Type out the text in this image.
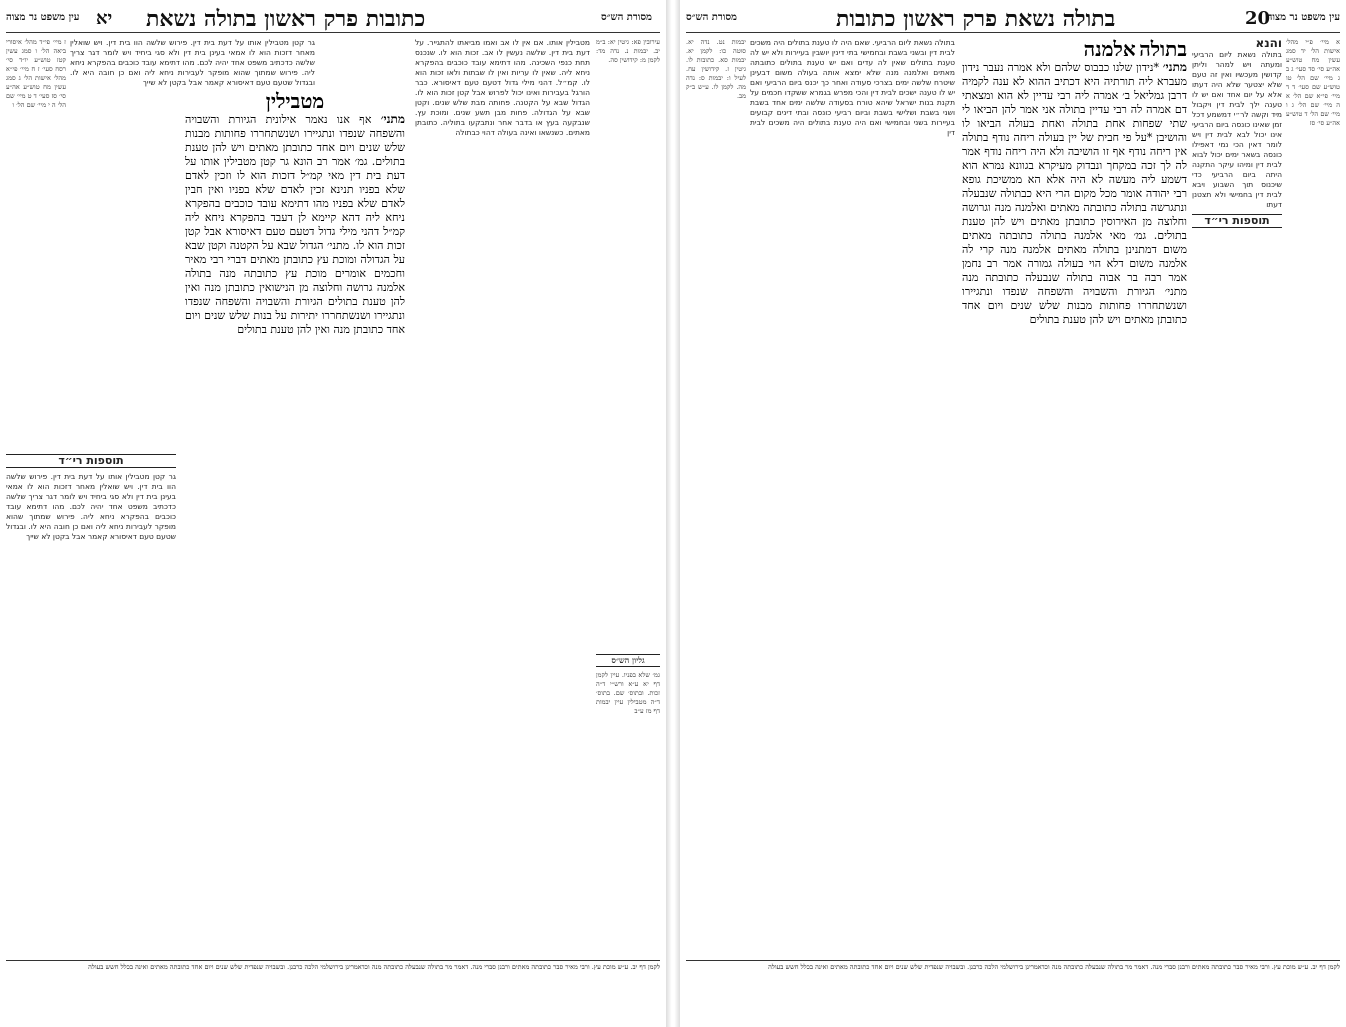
עין משפט נר מצוה	כתובות פרק ראשון בתולה נשאת
יא	מסורת הש״ס
ז מיי׳ פי״ד מהל׳ איסורי ביאה הל׳ ו סמג עשין קטז טוש״ע יו״ד סי׳ רסח סעי׳ ז ח מיי׳ פי״א מהל׳ אישות הל׳ ג סמג עשין מח טוש״ע אה״ע סי׳ סז סעי׳ ד ט מיי׳ שם הל׳ ה י מיי׳ שם הל׳ ו
תוספות רי״ד
גר קטן מטבילין אותו על דעת בית דין. פירוש שלשה הוו בית דין. ויש שואלין מאחר דזכות הוא לו אמאי בעינן בית דין ולא סגי ביחיד ויש לומר דגר צריך שלשה כדכתיב משפט אחד יהיה לכם. מהו דתימא עובד כוכבים בהפקרא ניחא ליה. פירוש שמתוך שהוא מופקר לעבירות ניחא ליה ואם כן חובה היא לו. ובגדול שטעם טעם דאיסורא קאמר אבל בקטן לא שייך
גר קטן מטבילין אותו על דעת בית דין. פירוש שלשה הוו בית דין. ויש שואלין מאחר דזכות הוא לו אמאי בעינן בית דין ולא סגי ביחיד ויש לומר דגר צריך שלשה כדכתיב משפט אחד יהיה לכם. מהו דתימא עובד כוכבים בהפקרא ניחא ליה. פירוש שמתוך שהוא מופקר לעבירות ניחא ליה ואם כן חובה היא לו. ובגדול שטעם טעם דאיסורא קאמר אבל בקטן לא שייך
מטבילין
מתני׳ אף אנו נאמר אילונית הגיורת והשבויה והשפחה שנפדו ונתגיירו ושנשתחררו פחותות מבנות שלש שנים ויום אחד כתובתן מאתים ויש להן טענת בתולים. גמ׳ אמר רב הונא גר קטן מטבילין אותו על דעת בית דין מאי קמ״ל דזכות הוא לו וזכין לאדם שלא בפניו תנינא זכין לאדם שלא בפניו ואין חבין לאדם שלא בפניו מהו דתימא עובד כוכבים בהפקרא ניחא ליה דהא קיימא לן דעבד בהפקרא ניחא ליה קמ״ל דהני מילי גדול דטעם טעם דאיסורא אבל קטן זכות הוא לו. מתני׳ הגדול שבא על הקטנה וקטן שבא על הגדולה ומוכת עץ כתובתן מאתים דברי רבי מאיר וחכמים אומרים מוכת עץ כתובתה מנה בתולה אלמנה גרושה וחלוצה מן הנישואין כתובתן מנה ואין להן טענת בתולים הגיורת והשבויה והשפחה שנפדו ונתגיירו ושנשתחררו יתירות על בנות שלש שנים ויום אחד כתובתן מנה ואין להן טענת בתולים
מטבילין אותו. אם אין לו אב ואמו מביאתו להתגייר. על דעת בית דין. שלשה נעשין לו אב. זכות הוא לו. שנכנס תחת כנפי השכינה. מהו דתימא עובד כוכבים בהפקרא ניחא ליה. שאין לו עריות ואין לו שבתות ולאו זכות הוא לו. קמ״ל. דהני מילי גדול דטעם טעם דאיסורא. כבר הורגל בעבירות ואינו יכול לפרוש אבל קטן זכות הוא לו. הגדול שבא על הקטנה. פחותה מבת שלש שנים. וקטן שבא על הגדולה. פחות מבן תשע שנים. ומוכת עץ. שנבקעה בעץ או בדבר אחר ונתבקעו בתוליה. כתובתן מאתים. כשנשאו ואינה בעולה דהוי כבתולה
עירובין פא: גיטין יא: ב״מ יב. יבמות נ. נדה מד: לקמן מ: קידושין סה.
גליון הש״ס
גמ׳ שלא בפניו. עיין לקמן דף יא ע״א ורש״י ד״ה זכות. ובתוס׳ שם. בתוס׳ ד״ה מטבילין עיין יבמות דף מז ע״ב
לקמן דף יב. ע״ש מוכת עץ. ורבי מאיר סבר כתובתה מאתים ורבנן סברי מנה. דאמר מר בתולה שנבעלה כתובתה מנה וכדאמרינן בירושלמי הלכה כרבנן. ובשבויה שנפדית שלש שנים ויום אחד כתובתה מאתים ואינה בכלל חשש בעולה
מסורת הש״ס	בתולה נשאת פרק ראשון כתובות	20
עין משפט נר מצוה
יבמות נט. נדה יא. סוטה כו: לקמן יא. יבמות סא. כתובות לו. גיטין ז. קידושין עח. לעיל ו: יבמות ס: נדה מה. לקמן לו. ע״ש ב״ק מב.
בתולה נשאת ליום הרביעי. שאם היה לו טענת בתולים היה משכים לבית דין ובשני בשבת ובחמישי בתי דינין יושבין בעיירות ולא יש לה טענת בתולים שאין לה עדים ואם יש טענת בתולים כתובתה מאתים ואלמנה מנה שלא ימצא אותה בעולה משום דבעינן שיטרח שלשה ימים בצרכי סעודה ואחר כך יכנס ביום הרביעי ואם יש לו טענה ישכים לבית דין והכי מפרש בגמרא ששקדו חכמים על תקנת בנות ישראל שיהא טורח בסעודה שלשה ימים אחד בשבת ושני בשבת ושלישי בשבת וביום רביעי כונסה ובתי דינים קבועים בעיירות בשני ובחמישי ואם היה טענת בתולים היה משכים לבית דין
בתולה אלמנה
מתני׳ *נידון שלנו כבבוס שלהם ולא אמרה נעבר נידון מעברא ליה תורתיה היא דכתיב ההוא לא ענה לקמיה דרבן גמליאל ב׳ אמרה ליה רבי עדיין לא הוא ומצאתי דם אמרה לה רבי עדיין בתולה אני אמר להן הביאו לי שתי שפחות אחת בתולה ואחת בעולה הביאו לו והושיבן *על פי חבית של יין בעולה ריחה נודף בתולה אין ריחה נודף אף זו הושיבה ולא היה ריחה נודף אמר לה לך זכה במקחך ונבדוק מעיקרא בגוונא נמרא הוא דשמע ליה מעשה לא היה אלא הא ממשיכת גופא רבי יהודה אומר מכל מקום הרי היא כבתולה שנבעלה ונתגרשה בתולה כתובתה מאתים ואלמנה מנה וגרושה וחלוצה מן האירוסין כתובתן מאתים ויש להן טענת בתולים. גמ׳ מאי אלמנה בתולה כתובתה מאתים משום דמתנינן בתולה מאתים אלמנה מנה קרי לה אלמנה משום דלא הוי בעולה גמורה אמר רב נחמן אמר רבה בר אבוה בתולה שנבעלה כתובתה מנה מתני׳ הגיורת והשבויה והשפחה שנפדו ונתגיירו ושנשתחררו פחותות מבנות שלש שנים ויום אחד כתובתן מאתים ויש להן טענת בתולים
והנא
בתולה נשאת ליום הרביעי ומעתה ויש למהר וליתן קדושין מעכשיו ואין זה טעם שלא יצטער שלא היה דעתו אלא על יום אחד ואם יש לו טענה ילך לבית דין ויקבול מיד וקשה לר״י דמשמע דכל זמן שאינו כונסה ביום הרביעי אינו יכול לבא לבית דין ויש לומר דאין הכי נמי דאפילו כונסה בשאר ימים יכול לבוא לבית דין ומיהו עיקר התקנה היתה ביום הרביעי כדי שיכנוס תוך השבוע ויבא לבית דין בחמישי ולא תצטנן דעתו
תוספות רי״ד
א מיי׳ פ״י מהל׳ אישות הל׳ יד סמג עשין מח טוש״ע אה״ע סי׳ סד סעי׳ ג ב ג מיי׳ שם הל׳ טו טוש״ע שם סעי׳ ד ד מיי׳ פי״א שם הל׳ א ה מיי׳ שם הל׳ ג ו מיי׳ שם הל׳ ד טוש״ע אה״ע סי׳ סז
לקמן דף יב. ע״ש מוכת עץ. ורבי מאיר סבר כתובתה מאתים ורבנן סברי מנה. דאמר מר בתולה שנבעלה כתובתה מנה וכדאמרינן בירושלמי הלכה כרבנן. ובשבויה שנפדית שלש שנים ויום אחד כתובתה מאתים ואינה בכלל חשש בעולה
